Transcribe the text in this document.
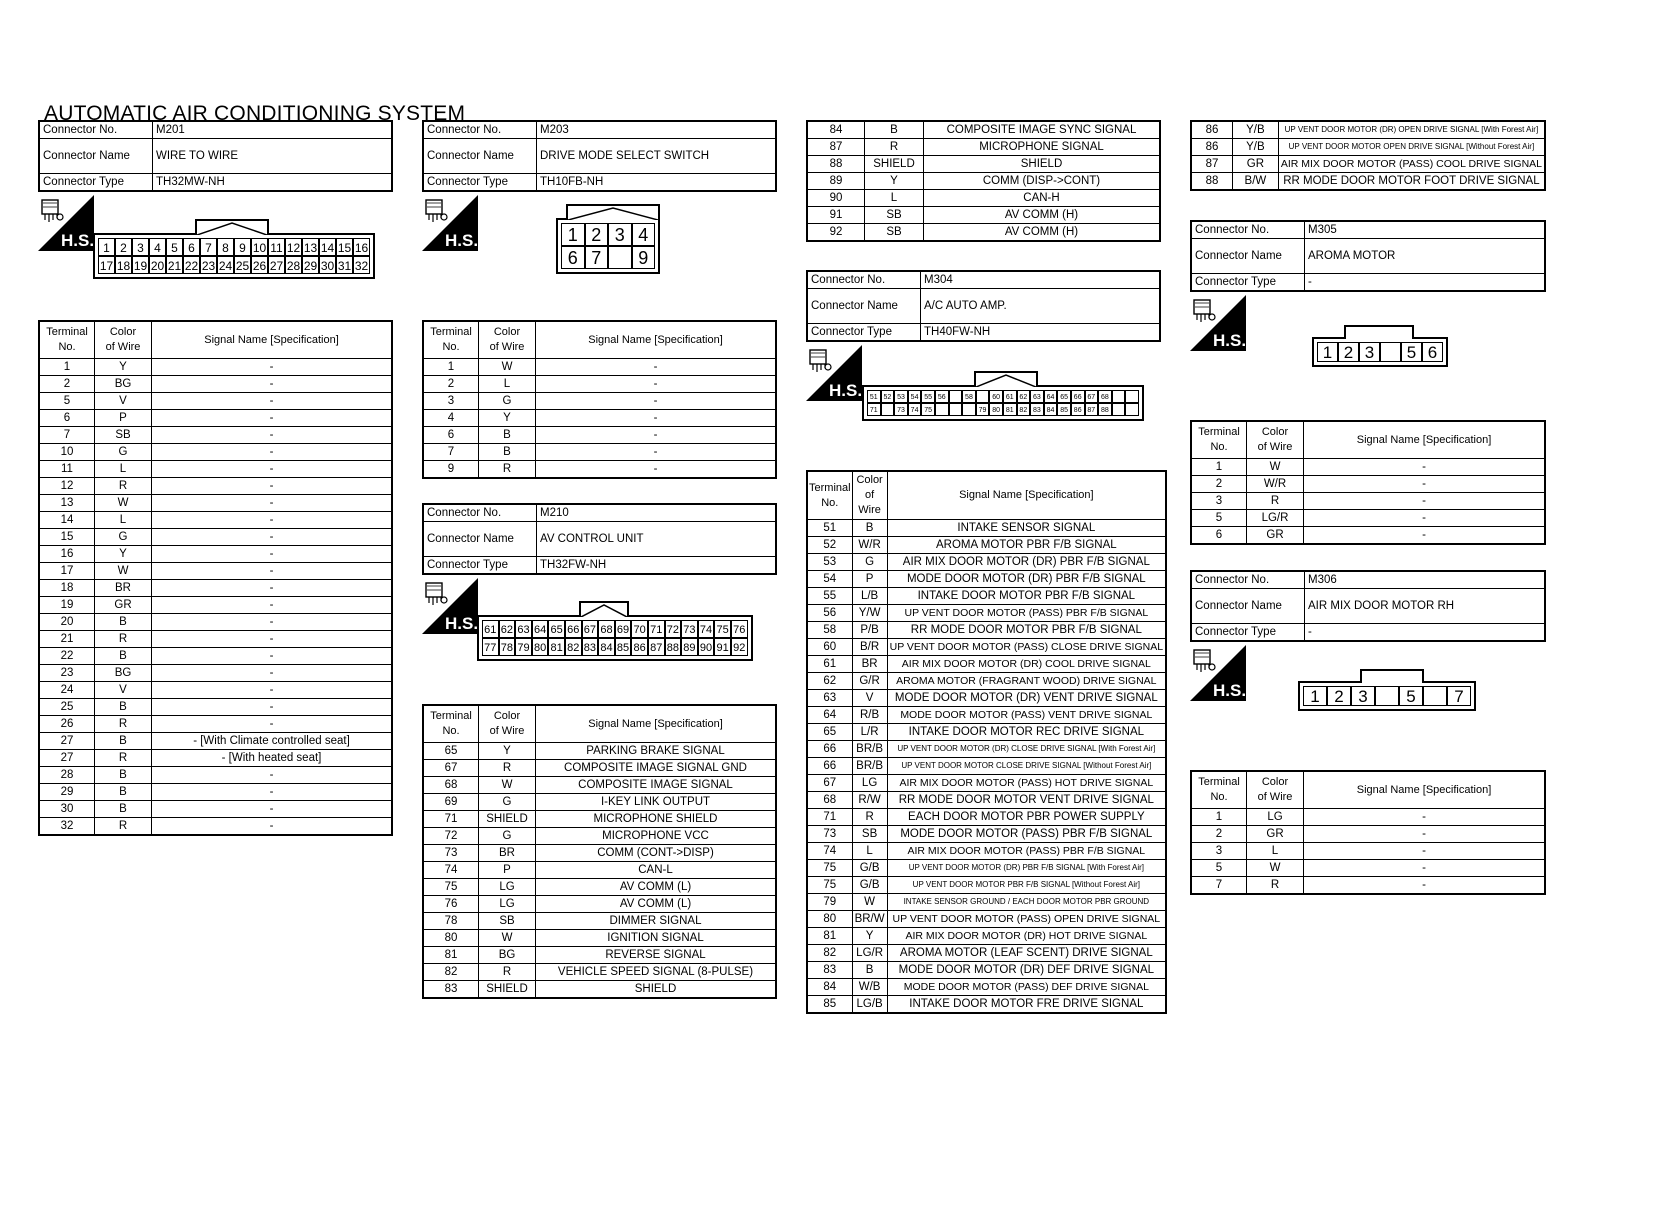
AUTOMATIC AIR CONDITIONING SYSTEM
Connector No.	M201
Connector Name	WIRE TO WIRE
Connector Type	TH32MW-NH
H.S. 1 2 3 4 5 6 7 8 9 10 11 12 13 14 15 16
17 18 19 20 21 22 23 24 25 26 27 28 29 30 31 32
Terminal
No.	Color
of Wire	Signal Name [Specification]
1	Y	-
2	BG	-
5	V	-
6	P	-
7	SB	-
10	G	-
11	L	-
12	R	-
13	W	-
14	L	-
15	G	-
16	Y	-
17	W	-
18	BR	-
19	GR	-
20	B	-
21	R	-
22	B	-
23	BG	-
24	V	-
25	B	-
26	R	-
27	B	- [With Climate controlled seat]
27	R	- [With heated seat]
28	B	-
29	B	-
30	B	-
32	R	-
Connector No.	M203
Connector Name	DRIVE MODE SELECT SWITCH
Connector Type	TH10FB-NH
H.S.	1 2 3 4
6 7	9
Terminal
No.	Color
of Wire	Signal Name [Specification]
1	W	-
2	L	-
3	G	-
4	Y	-
6	B	-
7	B	-
9	R	-
Connector No.	M210
Connector Name	AV CONTROL UNIT
Connector Type	TH32FW-NH
H.S. 61 62 63 64 65 66 67 68 69 70 71 72 73 74 75 76
77 78 79 80 81 82 83 84 85 86 87 88 89 90 91 92
Terminal
No.	Color
of Wire	Signal Name [Specification]
65	Y	PARKING BRAKE SIGNAL
67	R	COMPOSITE IMAGE SIGNAL GND
68	W	COMPOSITE IMAGE SIGNAL
69	G	I-KEY LINK OUTPUT
71	SHIELD	MICROPHONE SHIELD
72	G	MICROPHONE VCC
73	BR	COMM (CONT->DISP)
74	P	CAN-L
75	LG	AV COMM (L)
76	LG	AV COMM (L)
78	SB	DIMMER SIGNAL
80	W	IGNITION SIGNAL
81	BG	REVERSE SIGNAL
82	R	VEHICLE SPEED SIGNAL (8-PULSE)
83	SHIELD	SHIELD
84	B	COMPOSITE IMAGE SYNC SIGNAL
87	R	MICROPHONE SIGNAL
88	SHIELD	SHIELD
89	Y	COMM (DISP->CONT)
90	L	CAN-H
91	SB	AV COMM (H)
92	SB	AV COMM (H)
Connector No.	M304
Connector Name	A/C AUTO AMP.
Connector Type	TH40FW-NH
H.S.	51 52 53 54 55 56	58	60 61 62 63 64 65 66 67 68
71	73 74 75	79 80 81 82 83 84 85 86 87 88
Terminal
No.	Color
of Wire	Signal Name [Specification]
51	B	INTAKE SENSOR SIGNAL
52	W/R	AROMA MOTOR PBR F/B SIGNAL
53	G	AIR MIX DOOR MOTOR (DR) PBR F/B SIGNAL
54	P	MODE DOOR MOTOR (DR) PBR F/B SIGNAL
55	L/B	INTAKE DOOR MOTOR PBR F/B SIGNAL
56	Y/W	UP VENT DOOR MOTOR (PASS) PBR F/B SIGNAL
58	P/B	RR MODE DOOR MOTOR PBR F/B SIGNAL
60	B/R	UP VENT DOOR MOTOR (PASS) CLOSE DRIVE SIGNAL
61	BR	AIR MIX DOOR MOTOR (DR) COOL DRIVE SIGNAL
62	G/R	AROMA MOTOR (FRAGRANT WOOD) DRIVE SIGNAL
63	V	MODE DOOR MOTOR (DR) VENT DRIVE SIGNAL
64	R/B	MODE DOOR MOTOR (PASS) VENT DRIVE SIGNAL
65	L/R	INTAKE DOOR MOTOR REC DRIVE SIGNAL
66	BR/B	UP VENT DOOR MOTOR (DR) CLOSE DRIVE SIGNAL [With Forest Air]
66	BR/B	UP VENT DOOR MOTOR CLOSE DRIVE SIGNAL [Without Forest Air]
67	LG	AIR MIX DOOR MOTOR (PASS) HOT DRIVE SIGNAL
68	R/W	RR MODE DOOR MOTOR VENT DRIVE SIGNAL
71	R	EACH DOOR MOTOR PBR POWER SUPPLY
73	SB	MODE DOOR MOTOR (PASS) PBR F/B SIGNAL
74	L	AIR MIX DOOR MOTOR (PASS) PBR F/B SIGNAL
75	G/B	UP VENT DOOR MOTOR (DR) PBR F/B SIGNAL [With Forest Air]
75	G/B	UP VENT DOOR MOTOR PBR F/B SIGNAL [Without Forest Air]
79	W	INTAKE SENSOR GROUND / EACH DOOR MOTOR PBR GROUND
80	BR/W	UP VENT DOOR MOTOR (PASS) OPEN DRIVE SIGNAL
81	Y	AIR MIX DOOR MOTOR (DR) HOT DRIVE SIGNAL
82	LG/R	AROMA MOTOR (LEAF SCENT) DRIVE SIGNAL
83	B	MODE DOOR MOTOR (DR) DEF DRIVE SIGNAL
84	W/B	MODE DOOR MOTOR (PASS) DEF DRIVE SIGNAL
85	LG/B	INTAKE DOOR MOTOR FRE DRIVE SIGNAL
86	Y/B	UP VENT DOOR MOTOR (DR) OPEN DRIVE SIGNAL [With Forest Air]
86	Y/B	UP VENT DOOR MOTOR OPEN DRIVE SIGNAL [Without Forest Air]
87	GR	AIR MIX DOOR MOTOR (PASS) COOL DRIVE SIGNAL
88	B/W	RR MODE DOOR MOTOR FOOT DRIVE SIGNAL
Connector No.	M305
Connector Name	AROMA MOTOR
Connector Type	-
H.S.
1 2 3	5 6
Terminal
No.	Color
of Wire	Signal Name [Specification]
1	W	-
2	W/R	-
3	R	-
5	LG/R	-
6	GR	-
Connector No.	M306
Connector Name	AIR MIX DOOR MOTOR RH
Connector Type	-
H.S.	1 2 3	5	7
Terminal
No.	Color
of Wire	Signal Name [Specification]
1	LG	-
2	GR	-
3	L	-
5	W	-
7	R	-
